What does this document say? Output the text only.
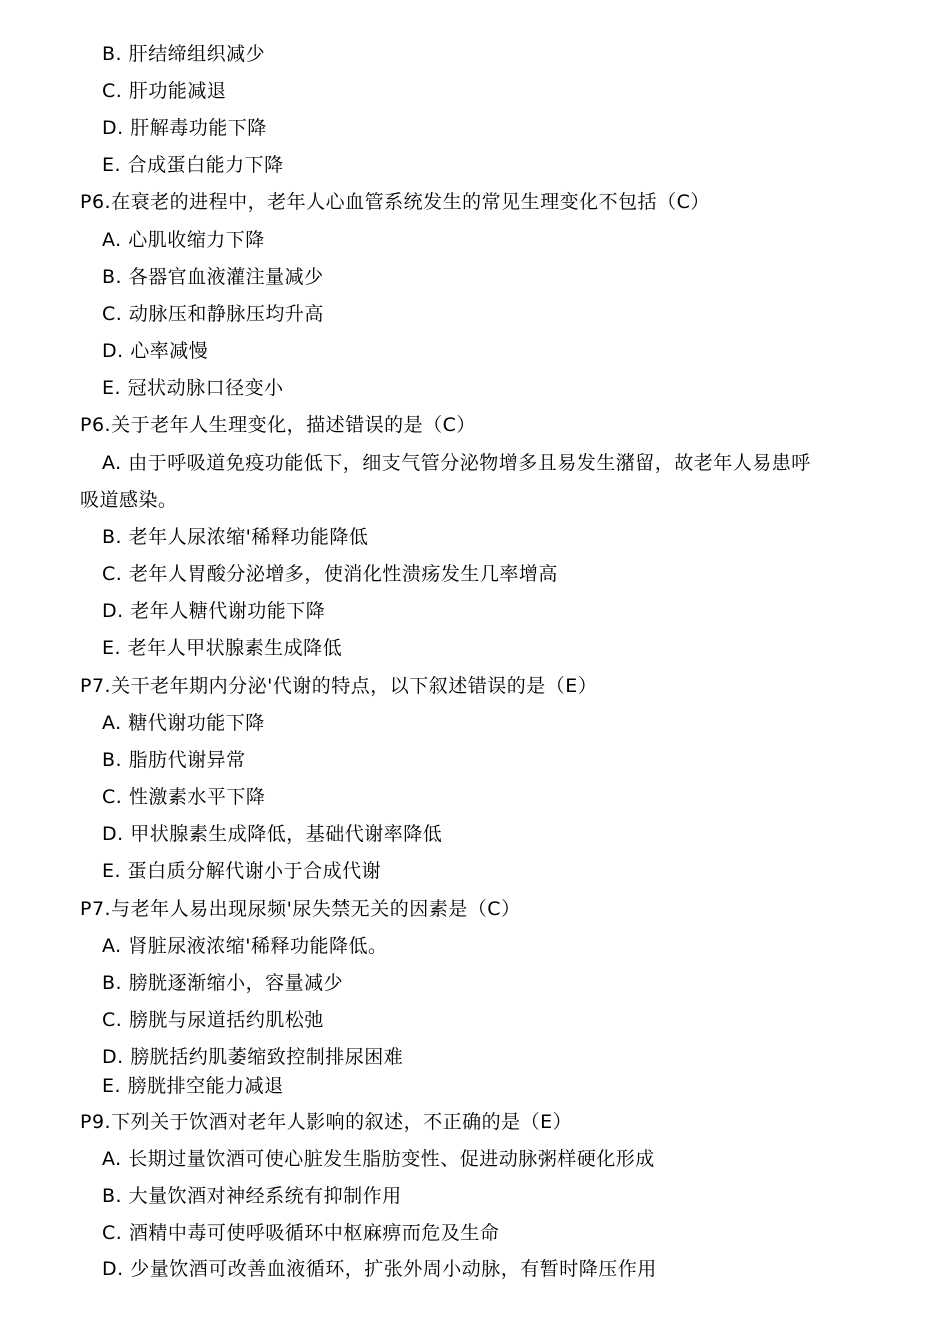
B. 肝结缔组织减少
C. 肝功能减退
D. 肝解毒功能下降
E. 合成蛋白能力下降
P6.在衰老的进程中，老年人心血管系统发生的常见生理变化不包括（C）
A. 心肌收缩力下降
B. 各器官血液灌注量减少
C. 动脉压和静脉压均升高
D. 心率减慢
E. 冠状动脉口径变小
P6.关于老年人生理变化，描述错误的是（C）
A. 由于呼吸道免疫功能低下，细支气管分泌物增多且易发生潴留，故老年人易患呼
吸道感染。
B. 老年人尿浓缩'稀释功能降低
C. 老年人胃酸分泌增多，使消化性溃疡发生几率增高
D. 老年人糖代谢功能下降
E. 老年人甲状腺素生成降低
P7.关干老年期内分泌'代谢的特点，以下叙述错误的是（E）
A. 糖代谢功能下降
B. 脂肪代谢异常
C. 性激素水平下降
D. 甲状腺素生成降低，基础代谢率降低
E. 蛋白质分解代谢小于合成代谢
P7.与老年人易出现尿频'尿失禁无关的因素是（C）
A. 肾脏尿液浓缩'稀释功能降低。
B. 膀胱逐渐缩小，容量减少
C. 膀胱与尿道括约肌松弛
D. 膀胱括约肌萎缩致控制排尿困难
E. 膀胱排空能力减退
P9.下列关于饮酒对老年人影响的叙述，不正确的是（E）
A. 长期过量饮酒可使心脏发生脂肪变性、促进动脉粥样硬化形成
B. 大量饮酒对神经系统有抑制作用
C. 酒精中毒可使呼吸循环中枢麻痹而危及生命
D. 少量饮酒可改善血液循环，扩张外周小动脉，有暂时降压作用
